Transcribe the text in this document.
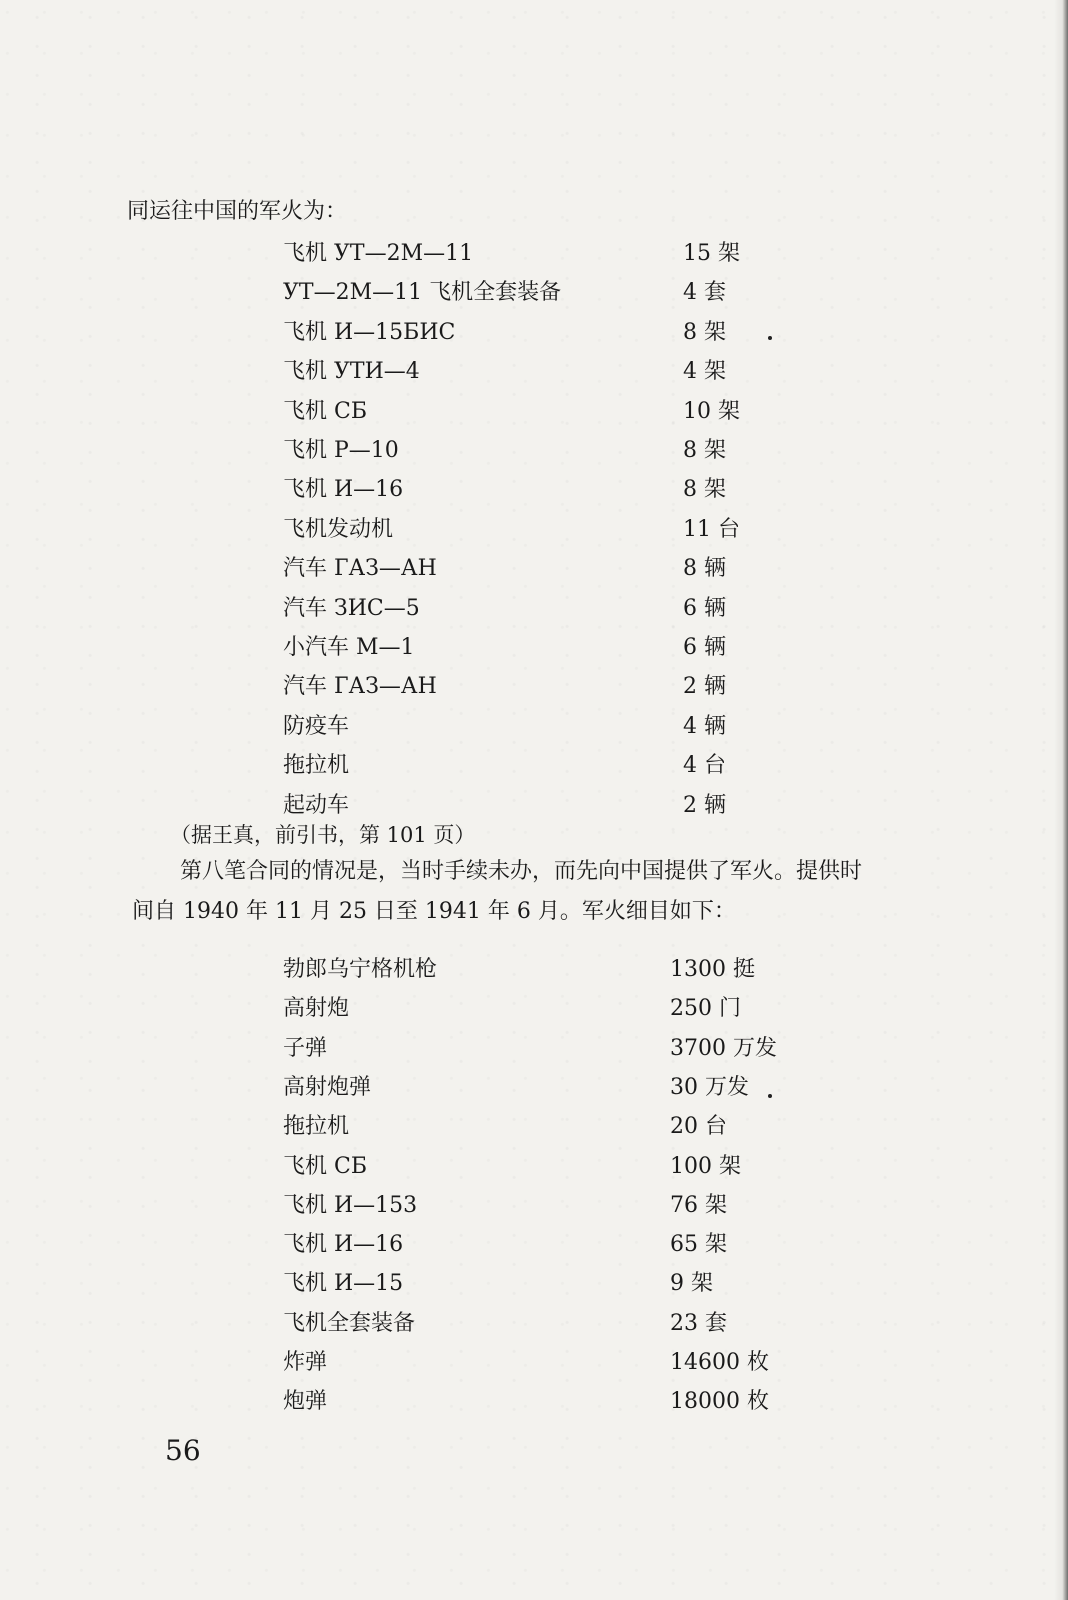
同运往中国的军火为：
飞机 УТ—2М—11	15 架
УТ—2М—11 飞机全套装备	4 套
飞机 И—15БИС	8 架
飞机 УТИ—4	4 架
飞机 СБ	10 架
飞机 Р—10	8 架
飞机 И—16	8 架
飞机发动机	11 台
汽车 ГАЗ—АН	8 辆
汽车 ЗИС—5	6 辆
小汽车 М—1	6 辆
汽车 ГАЗ—АН	2 辆
防疫车	4 辆
拖拉机	4 台
起动车	2 辆
（据王真，前引书，第 101 页）
第八笔合同的情况是，当时手续未办，而先向中国提供了军火。提供时
间自 1940 年 11 月 25 日至 1941 年 6 月。军火细目如下：
勃郎乌宁格机枪	1300 挺
高射炮	250 门
子弹	3700 万发
高射炮弹	30 万发
拖拉机	20 台
飞机 СБ	100 架
飞机 И—153	76 架
飞机 И—16	65 架
飞机 И—15	9 架
飞机全套装备	23 套
炸弹	14600 枚
炮弹	18000 枚
56
